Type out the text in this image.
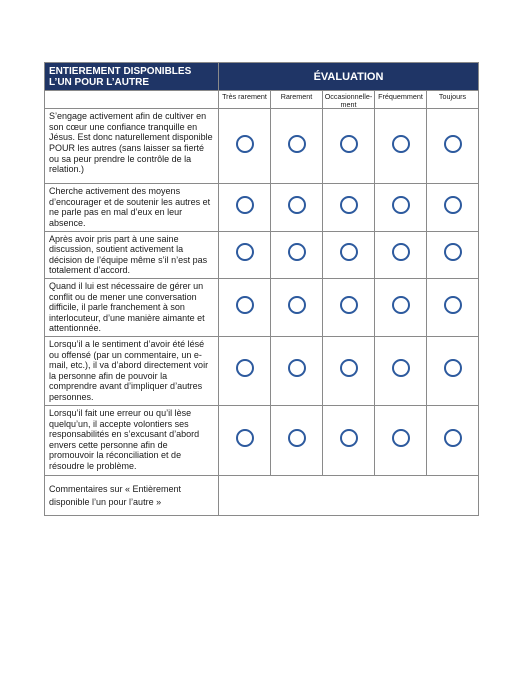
ENTIEREMENT DISPONIBLES L’UN POUR L’AUTRE	ÉVALUATION				
	Très rarement	Rarement	Occasionnelle-ment	Fréquemment	Toujours
S’engage activement afin de cultiver en son cœur une confiance tranquille en Jésus. Est donc naturellement disponible POUR les autres (sans laisser sa fierté ou sa peur prendre le contrôle de la relation.)					
Cherche activement des moyens d’encourager et de soutenir les autres et ne parle pas en mal d’eux en leur absence.					
Après avoir pris part à une saine discussion, soutient activement la décision de l’équipe même s’il n’est pas totalement d’accord.					
Quand il lui est nécessaire de gérer un conflit ou de mener une conversation difficile, il parle franchement à son interlocuteur, d’une manière aimante et attentionnée.					
Lorsqu’il a le sentiment d’avoir été lésé ou offensé (par un commentaire, un e-mail, etc.), il va d’abord directement voir la personne afin de pouvoir la comprendre avant d’impliquer d’autres personnes.					
Lorsqu’il fait une erreur ou qu’il lèse quelqu’un, il accepte volontiers ses responsabilités en s’excusant d’abord envers cette personne afin de promouvoir la réconciliation et de résoudre le problème.					
Commentaires sur « Entièrement disponible l’un pour l’autre »					
